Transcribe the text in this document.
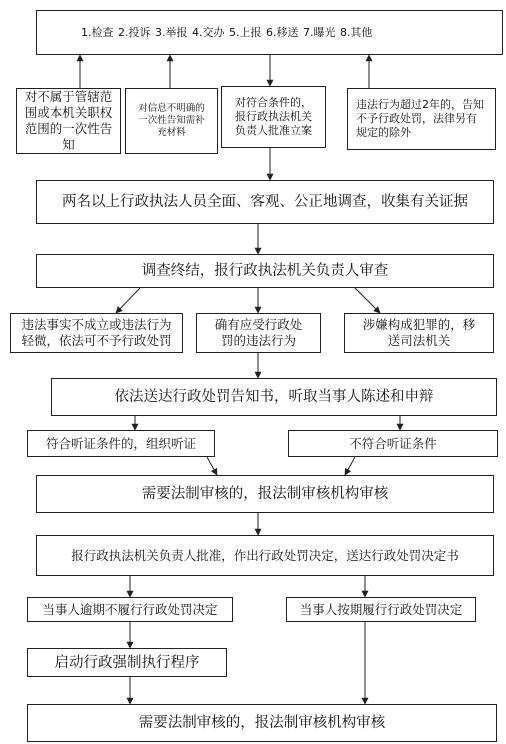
1.检查 2.投诉 3.举报 4.交办 5.上报 6.移送 7.曝光 8.其他
对不属于管辖范围或本机关职权范围的一次性告知
对信息不明确的一次性告知需补充材料
对符合条件的，报行政执法机关负责人批准立案
违法行为超过2年的，告知不予行政处罚，法律另有规定的除外
两名以上行政执法人员全面、客观、公正地调查，收集有关证据
调查终结，报行政执法机关负责人审查
违法事实不成立或违法行为轻微，依法可不予行政处罚
确有应受行政处罚的违法行为
涉嫌构成犯罪的，移送司法机关
依法送达行政处罚告知书，听取当事人陈述和申辩
符合听证条件的，组织听证	不符合听证条件
需要法制审核的，报法制审核机构审核
报行政执法机关负责人批准，作出行政处罚决定，送达行政处罚决定书
当事人逾期不履行行政处罚决定	当事人按期履行行政处罚决定
启动行政强制执行程序
需要法制审核的，报法制审核机构审核
